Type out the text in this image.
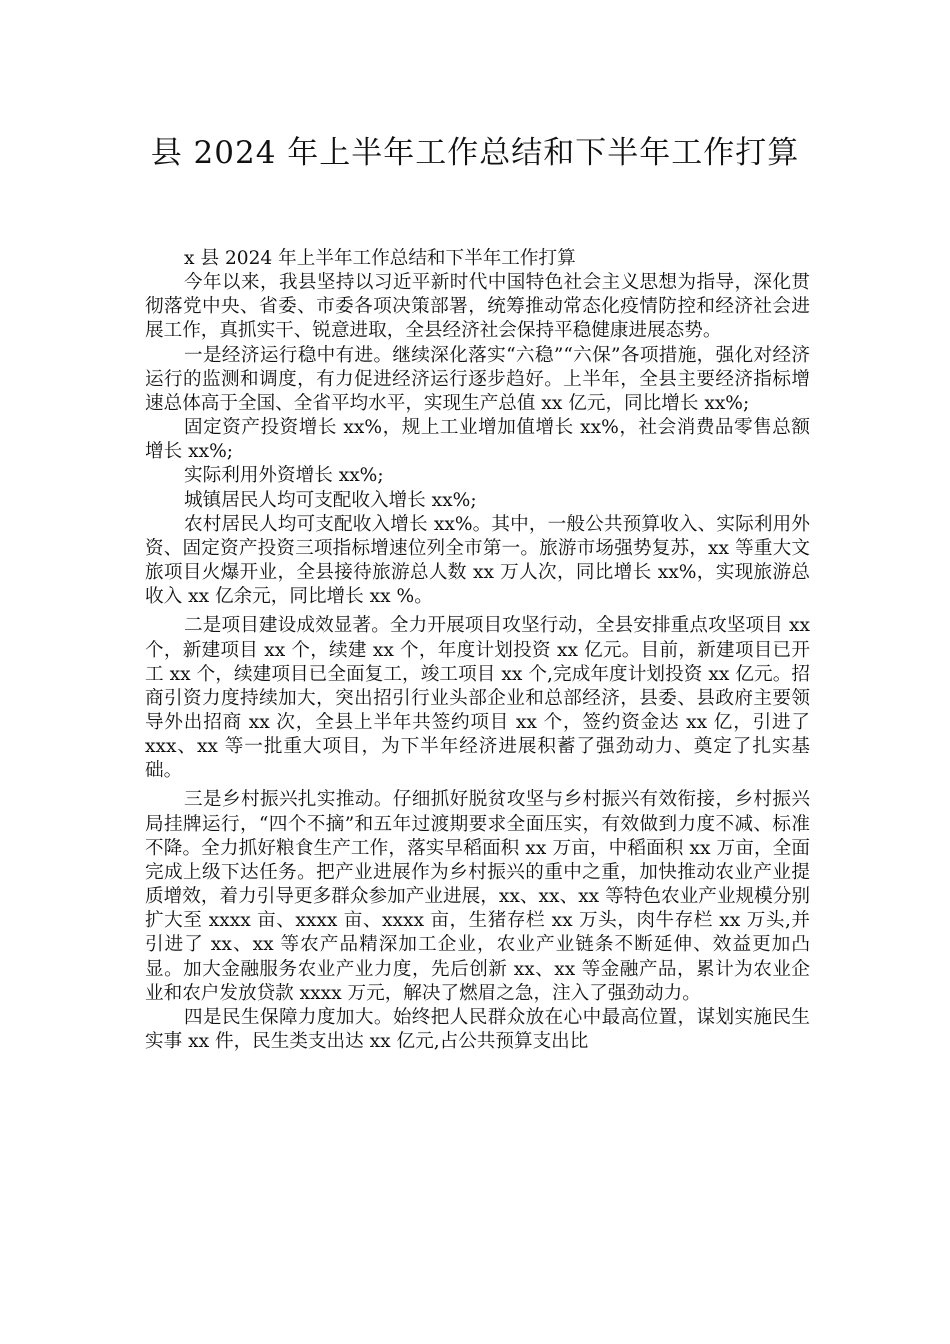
县 2024 年上半年工作总结和下半年工作打算

x 县 2024 年上半年工作总结和下半年工作打算

今年以来，我县坚持以习近平新时代中国特色社会主义思想为指导，深化贯彻落党中央、省委、市委各项决策部署，统筹推动常态化疫情防控和经济社会进展工作，真抓实干、锐意进取，全县经济社会保持平稳健康进展态势。

一是经济运行稳中有进。继续深化落实“六稳”“六保”各项措施，强化对经济运行的监测和调度，有力促进经济运行逐步趋好。上半年，全县主要经济指标增速总体高于全国、全省平均水平，实现生产总值 xx 亿元，同比增长 xx%;

固定资产投资增长 xx%，规上工业增加值增长 xx%，社会消费品零售总额增长 xx%;

实际利用外资增长 xx%;

城镇居民人均可支配收入增长 xx%;

农村居民人均可支配收入增长 xx%。其中，一般公共预算收入、实际利用外资、固定资产投资三项指标增速位列全市第一。旅游市场强势复苏，xx 等重大文旅项目火爆开业，全县接待旅游总人数 xx 万人次，同比增长 xx%，实现旅游总收入 xx 亿余元，同比增长 xx %。

二是项目建设成效显著。全力开展项目攻坚行动，全县安排重点攻坚项目 xx 个，新建项目 xx 个，续建 xx 个，年度计划投资 xx 亿元。目前，新建项目已开工 xx 个，续建项目已全面复工，竣工项目 xx 个,完成年度计划投资 xx 亿元。招商引资力度持续加大，突出招引行业头部企业和总部经济，县委、县政府主要领导外出招商 xx 次，全县上半年共签约项目 xx 个，签约资金达 xx 亿，引进了 xxx、xx 等一批重大项目，为下半年经济进展积蓄了强劲动力、奠定了扎实基础。

三是乡村振兴扎实推动。仔细抓好脱贫攻坚与乡村振兴有效衔接，乡村振兴局挂牌运行，“四个不摘”和五年过渡期要求全面压实，有效做到力度不减、标准不降。全力抓好粮食生产工作，落实早稻面积 xx 万亩，中稻面积 xx 万亩，全面完成上级下达任务。把产业进展作为乡村振兴的重中之重，加快推动农业产业提质增效，着力引导更多群众参加产业进展，xx、xx、xx 等特色农业产业规模分别扩大至 xxxx 亩、xxxx 亩、xxxx 亩，生猪存栏 xx 万头，肉牛存栏 xx 万头,并引进了 xx、xx 等农产品精深加工企业，农业产业链条不断延伸、效益更加凸显。加大金融服务农业产业力度，先后创新 xx、xx 等金融产品，累计为农业企业和农户发放贷款 xxxx 万元，解决了燃眉之急，注入了强劲动力。

四是民生保障力度加大。始终把人民群众放在心中最高位置，谋划实施民生实事 xx 件，民生类支出达 xx 亿元,占公共预算支出比
